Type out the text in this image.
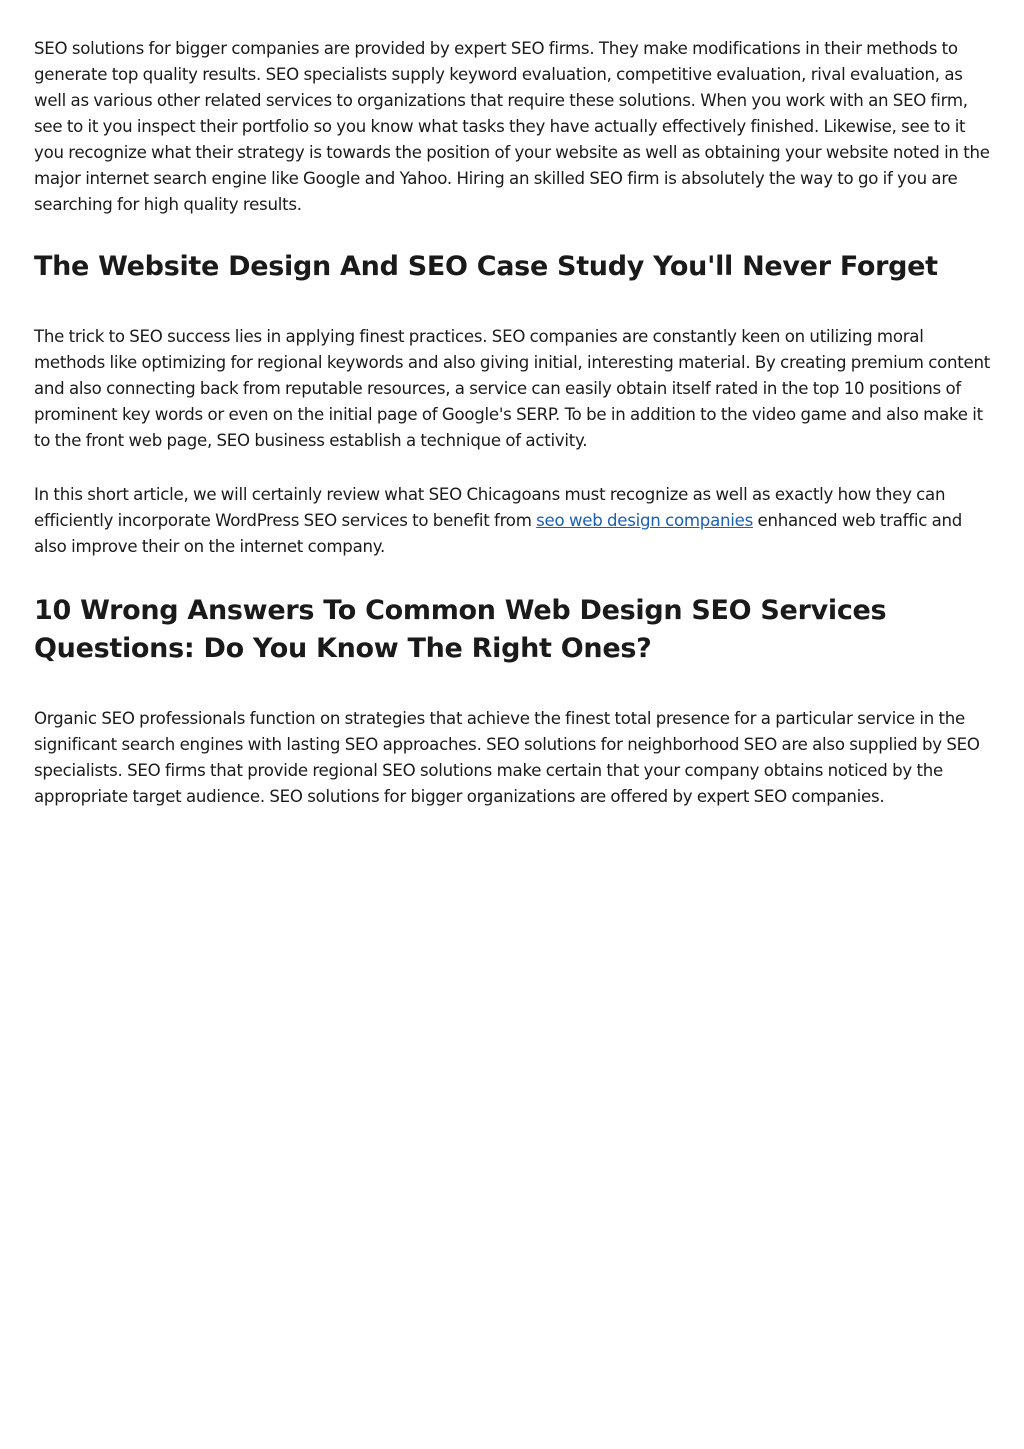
SEO solutions for bigger companies are provided by expert SEO firms. They make modifications in their methods to generate top quality results. SEO specialists supply keyword evaluation, competitive evaluation, rival evaluation, as well as various other related services to organizations that require these solutions. When you work with an SEO firm, see to it you inspect their portfolio so you know what tasks they have actually effectively finished. Likewise, see to it you recognize what their strategy is towards the position of your website as well as obtaining your website noted in the major internet search engine like Google and Yahoo. Hiring an skilled SEO firm is absolutely the way to go if you are searching for high quality results.

The Website Design And SEO Case Study You'll Never Forget

The trick to SEO success lies in applying finest practices. SEO companies are constantly keen on utilizing moral methods like optimizing for regional keywords and also giving initial, interesting material. By creating premium content and also connecting back from reputable resources, a service can easily obtain itself rated in the top 10 positions of prominent key words or even on the initial page of Google's SERP. To be in addition to the video game and also make it to the front web page, SEO business establish a technique of activity.

In this short article, we will certainly review what SEO Chicagoans must recognize as well as exactly how they can efficiently incorporate WordPress SEO services to benefit from seo web design companies enhanced web traffic and also improve their on the internet company.

10 Wrong Answers To Common Web Design SEO Services Questions: Do You Know The Right Ones?

Organic SEO professionals function on strategies that achieve the finest total presence for a particular service in the significant search engines with lasting SEO approaches. SEO solutions for neighborhood SEO are also supplied by SEO specialists. SEO firms that provide regional SEO solutions make certain that your company obtains noticed by the appropriate target audience. SEO solutions for bigger organizations are offered by expert SEO companies.
